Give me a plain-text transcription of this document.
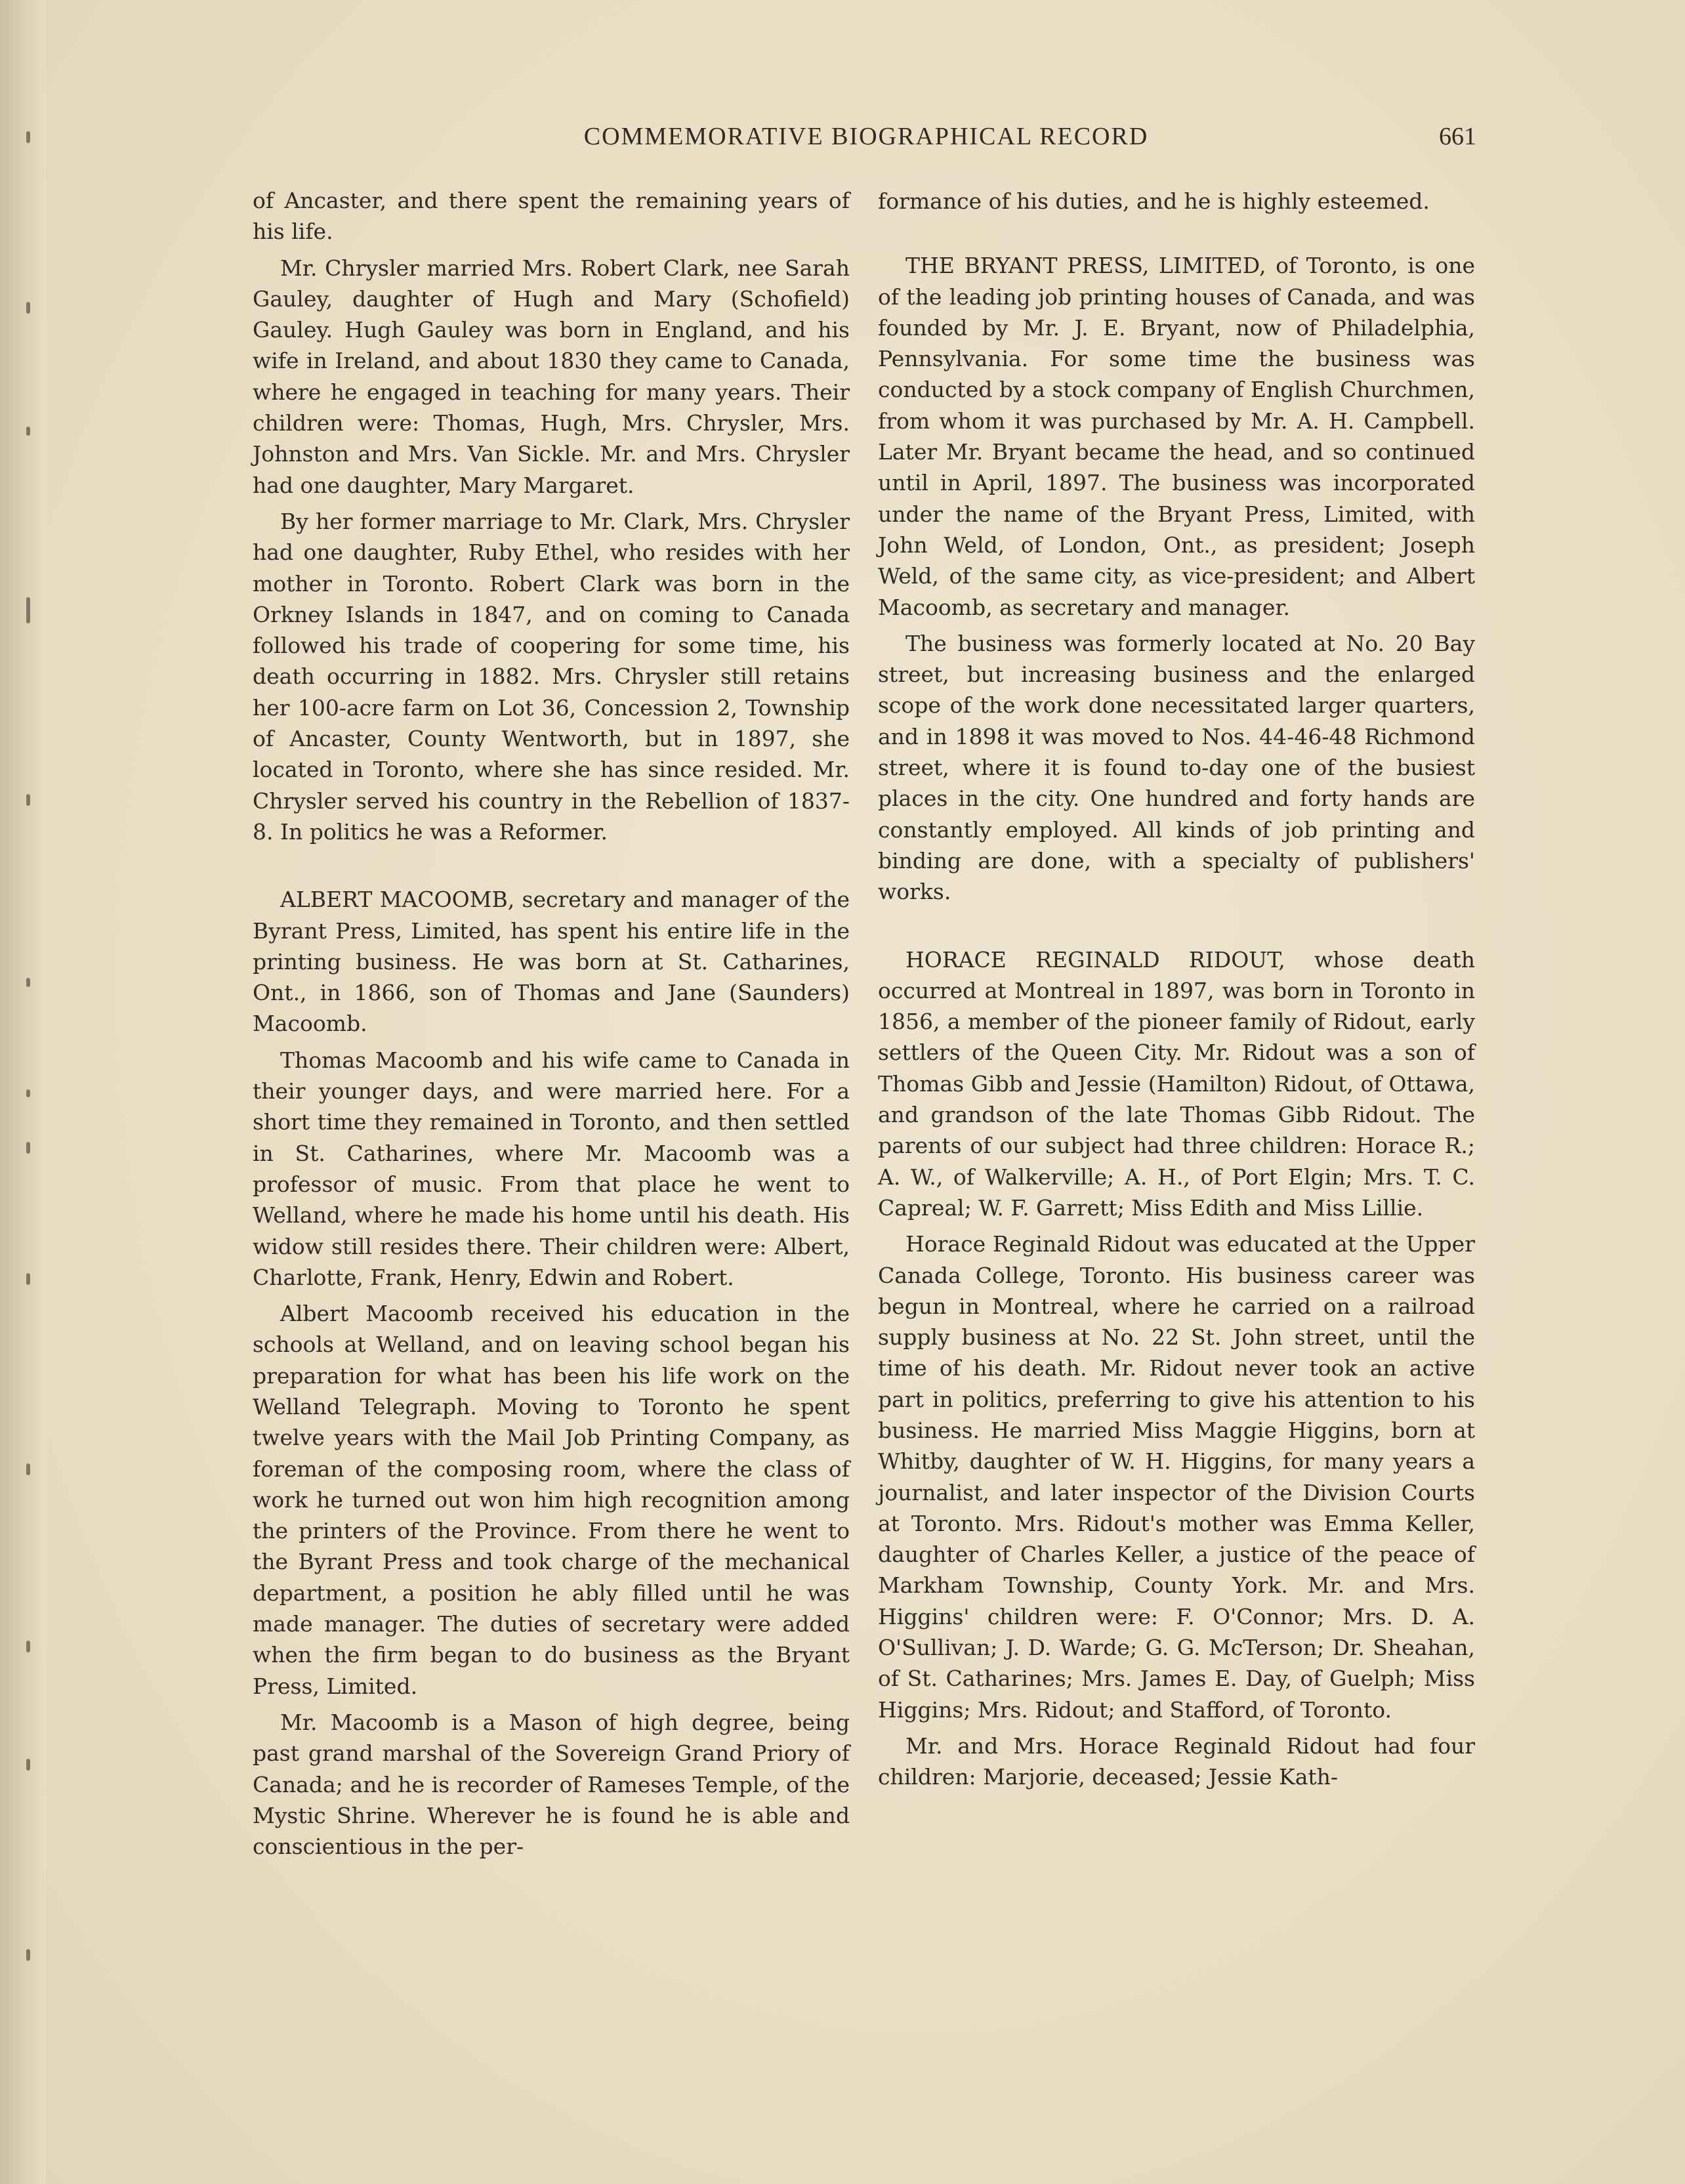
COMMEMORATIVE BIOGRAPHICAL RECORD	661

of Ancaster, and there spent the remaining years of his life.

Mr. Chrysler married Mrs. Robert Clark, nee Sarah Gauley, daughter of Hugh and Mary (Schofield) Gauley. Hugh Gauley was born in England, and his wife in Ireland, and about 1830 they came to Canada, where he engaged in teaching for many years. Their children were: Thomas, Hugh, Mrs. Chrysler, Mrs. Johnston and Mrs. Van Sickle. Mr. and Mrs. Chrysler had one daughter, Mary Margaret.

By her former marriage to Mr. Clark, Mrs. Chrysler had one daughter, Ruby Ethel, who resides with her mother in Toronto. Robert Clark was born in the Orkney Islands in 1847, and on coming to Canada followed his trade of coopering for some time, his death occurring in 1882. Mrs. Chrysler still retains her 100-acre farm on Lot 36, Concession 2, Township of Ancaster, County Wentworth, but in 1897, she located in Toronto, where she has since resided. Mr. Chrysler served his country in the Rebellion of 1837-8. In politics he was a Reformer.

ALBERT MACOOMB, secretary and manager of the Byrant Press, Limited, has spent his entire life in the printing business. He was born at St. Catharines, Ont., in 1866, son of Thomas and Jane (Saunders) Macoomb.

Thomas Macoomb and his wife came to Canada in their younger days, and were married here. For a short time they remained in Toronto, and then settled in St. Catharines, where Mr. Macoomb was a professor of music. From that place he went to Welland, where he made his home until his death. His widow still resides there. Their children were: Albert, Charlotte, Frank, Henry, Edwin and Robert.

Albert Macoomb received his education in the schools at Welland, and on leaving school began his preparation for what has been his life work on the Welland Telegraph. Moving to Toronto he spent twelve years with the Mail Job Printing Company, as foreman of the composing room, where the class of work he turned out won him high recognition among the printers of the Province. From there he went to the Byrant Press and took charge of the mechanical department, a position he ably filled until he was made manager. The duties of secretary were added when the firm began to do business as the Bryant Press, Limited.

Mr. Macoomb is a Mason of high degree, being past grand marshal of the Sovereign Grand Priory of Canada; and he is recorder of Rameses Temple, of the Mystic Shrine. Wherever he is found he is able and conscientious in the per-

formance of his duties, and he is highly esteemed.

THE BRYANT PRESS, LIMITED, of Toronto, is one of the leading job printing houses of Canada, and was founded by Mr. J. E. Bryant, now of Philadelphia, Pennsylvania. For some time the business was conducted by a stock company of English Churchmen, from whom it was purchased by Mr. A. H. Campbell. Later Mr. Bryant became the head, and so continued until in April, 1897. The business was incorporated under the name of the Bryant Press, Limited, with John Weld, of London, Ont., as president; Joseph Weld, of the same city, as vice-president; and Albert Macoomb, as secretary and manager.

The business was formerly located at No. 20 Bay street, but increasing business and the enlarged scope of the work done necessitated larger quarters, and in 1898 it was moved to Nos. 44-46-48 Richmond street, where it is found to-day one of the busiest places in the city. One hundred and forty hands are constantly employed. All kinds of job printing and binding are done, with a specialty of publishers' works.

HORACE REGINALD RIDOUT, whose death occurred at Montreal in 1897, was born in Toronto in 1856, a member of the pioneer family of Ridout, early settlers of the Queen City. Mr. Ridout was a son of Thomas Gibb and Jessie (Hamilton) Ridout, of Ottawa, and grandson of the late Thomas Gibb Ridout. The parents of our subject had three children: Horace R.; A. W., of Walkerville; A. H., of Port Elgin; Mrs. T. C. Capreal; W. F. Garrett; Miss Edith and Miss Lillie.

Horace Reginald Ridout was educated at the Upper Canada College, Toronto. His business career was begun in Montreal, where he carried on a railroad supply business at No. 22 St. John street, until the time of his death. Mr. Ridout never took an active part in politics, preferring to give his attention to his business. He married Miss Maggie Higgins, born at Whitby, daughter of W. H. Higgins, for many years a journalist, and later inspector of the Division Courts at Toronto. Mrs. Ridout's mother was Emma Keller, daughter of Charles Keller, a justice of the peace of Markham Township, County York. Mr. and Mrs. Higgins' children were: F. O'Connor; Mrs. D. A. O'Sullivan; J. D. Warde; G. G. McTerson; Dr. Sheahan, of St. Catharines; Mrs. James E. Day, of Guelph; Miss Higgins; Mrs. Ridout; and Stafford, of Toronto.

Mr. and Mrs. Horace Reginald Ridout had four children: Marjorie, deceased; Jessie Kath-
